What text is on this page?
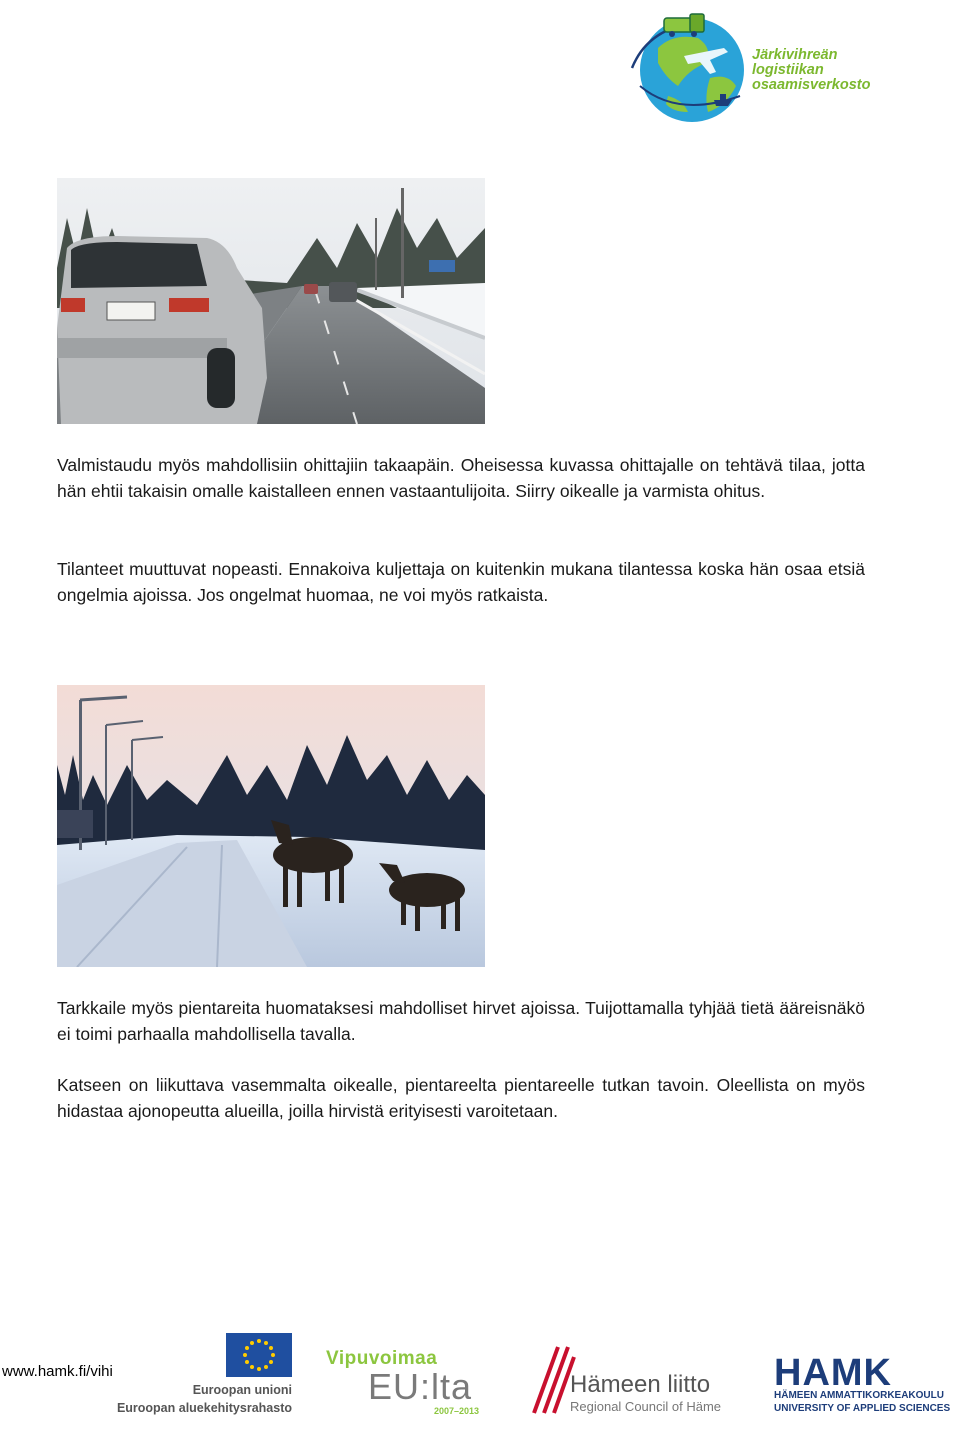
Järkivihreän
logistiikan
osaamisverkosto

Valmistaudu myös mahdollisiin ohittajiin takaapäin. Oheisessa kuvassa ohittajalle on tehtävä tilaa, jotta hän ehtii takaisin omalle kaistalleen ennen vastaantulijoita. Siirry oikealle ja varmista ohitus.

Tilanteet muuttuvat nopeasti. Ennakoiva kuljettaja on kuitenkin mukana tilantessa koska hän osaa etsiä ongelmia ajoissa. Jos ongelmat huomaa, ne voi myös ratkaista.

Tarkkaile myös pientareita huomataksesi mahdolliset hirvet ajoissa. Tuijottamalla tyhjää tietä ääreisnäkö ei toimi parhaalla mahdollisella tavalla.

Katseen on liikuttava vasemmalta oikealle, pientareelta pientareelle tutkan tavoin. Oleellista on myös hidastaa ajonopeutta alueilla, joilla hirvistä erityisesti varoitetaan.

www.hamk.fi/vihi
Euroopan unioni
Euroopan aluekehitysrahasto
Vipuvoimaa
EU:lta
2007–2013
Hämeen liitto
Regional Council of Häme
HAMK
HÄMEEN AMMATTIKORKEAKOULU
UNIVERSITY OF APPLIED SCIENCES
